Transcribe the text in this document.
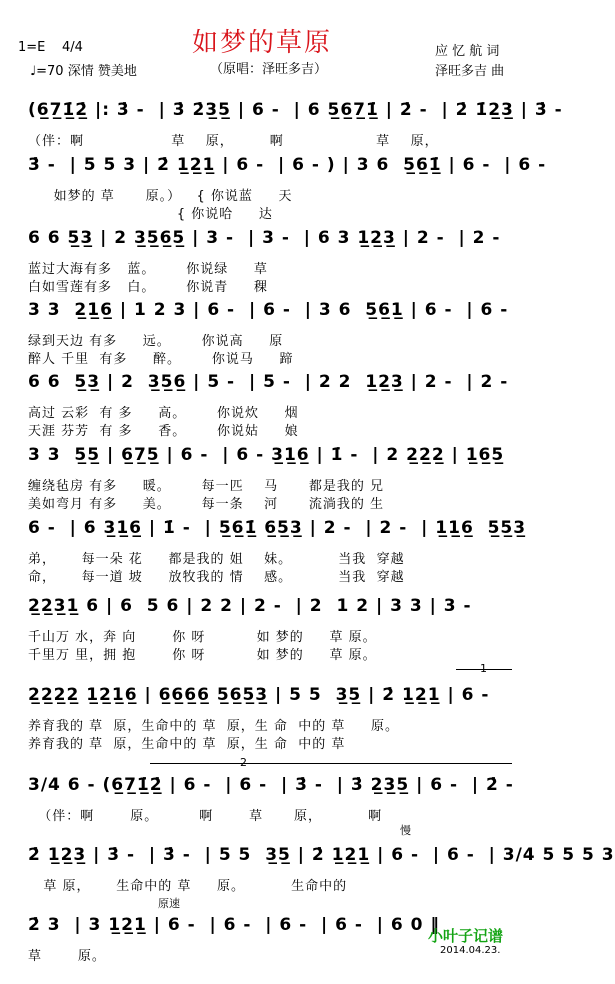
如梦的草原
1=E 4/4
♩=70 深情 赞美地	（原唱：泽旺多吉）
应 忆 航 词
泽旺多吉 曲
(6̲7̲1̲̇2̲̇ |: 3̇ -  | 3̇ 2̇3̲5̲ | 6 -  | 6 5̲6̲7̲1̲̇ | 2̇ -  | 2̇ 1̇2̲3̲ | 3̇ -
（伴：啊                 草    原，       啊                  草    原，
3̇ -  | 5 5 3 | 2̇ 1̲2̲1̲ | 6 -  | 6 - ) | 3 6  5̲6̲1̲̇ | 6 -  | 6 -
如梦的 草      原。）   { 你说蓝     天
{ 你说哈     达
6 6 5̲3̲ | 2 3̲5̲6̲5̲ | 3 -  | 3 -  | 6 3 1̲2̲3̲ | 2 -  | 2 -
蓝过大海有多   蓝。      你说绿     草
白如雪莲有多   白。      你说青     稞
3 3  2̲1̲6̲ | 1 2 3 | 6 -  | 6 -  | 3 6  5̲6̲1̲ | 6 -  | 6 -
绿到天边 有多     远。      你说高     原
醉人 千里  有多     醉。      你说马     蹄
6 6  5̲3̲ | 2  3̲5̲6̲ | 5 -  | 5 -  | 2 2  1̲2̲3̲ | 2 -  | 2 -
高过 云彩  有 多     高。      你说炊     烟
天涯 芬芳  有 多     香。      你说姑     娘
3 3  5̲5̲ | 6̲7̲5̲ | 6 -  | 6 - 3̲1̲6̲ | 1̇ -  | 2 2̲2̲2̲ | 1̲6̲5̲
缠绕毡房 有多     暖。      每一匹    马      都是我的 兄
美如弯月 有多     美。      每一条    河      流淌我的 生
6 -  | 6 3̲1̲6̲ | 1̇ -  | 5̲6̲1̲̇ 6̲5̲3̲ | 2 -  | 2 -  | 1̲1̲6̲  5̲5̲3̲
弟，     每一朵 花     都是我的 姐    妹。         当我  穿越
命，     每一道 坡     放牧我的 情    感。         当我  穿越
2̲2̲3̲1̲ 6 | 6  5 6 | 2 2 | 2 -  | 2  1 2 | 3 3 | 3 -
千山万 水，奔 向       你 呀          如 梦的     草 原。
千里万 里，拥 抱       你 呀          如 梦的     草 原。
2̲2̲2̲2̲ 1̲2̲1̲6̲ | 6̲6̲6̲6̲ 5̲6̲5̲3̲ | 5 5  3̲5̲ | 2̇ 1̲2̲1̲ | 6 -
养育我的 草  原，生命中的 草  原，生 命  中的 草     原。
养育我的 草  原，生命中的 草  原，生 命  中的 草
3/4 6 - (6̲7̲1̲̇2̲̇ | 6 -  | 6 -  | 3̇ -  | 3̇ 2̲3̲5̲ | 6 -  | 2̇ -
（伴：啊       原。        啊       草      原，         啊
2̇ 1̲2̲3̲ | 3̇ -  | 3̇ -  | 5 5  3̲5̲ | 2̇ 1̲2̲1̲ | 6 -  | 6 -  | 3/4 5 5 5 3
草 原，     生命中的 草     原。         生命中的
2̇ 3  | 3 1̲2̲1̲ | 6 -  | 6 -  | 6 -  | 6 -  | 6 0 ‖
草       原。
慢
原速
小叶子记谱
2014.04.23.
